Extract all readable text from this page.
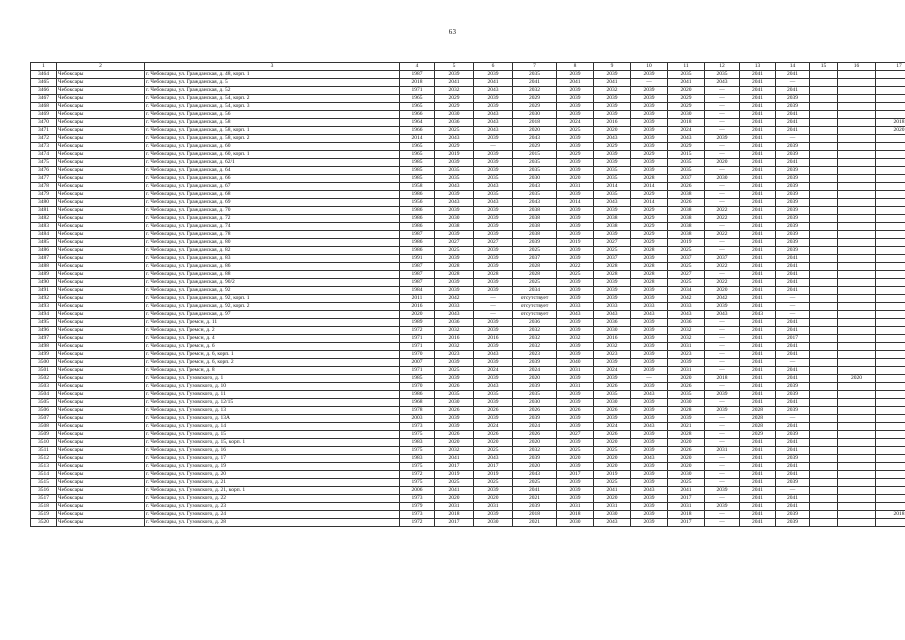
63
1	2	3	4	5	6	7	8	9	10	11	12	13	14	15	16	17
3464	Чебоксары	г. Чебоксары, ул. Гражданская, д. 48, корп. 1	1987	2039	2039	2035	2039	2039	2039	2035	2035	2041	2041			
3465	Чебоксары	г. Чебоксары, ул. Гражданская, д. 5	2018	2041	2041	2041	2041	2041	—	2041	2043	2041	—			
3466	Чебоксары	г. Чебоксары, ул. Гражданская, д. 52	1971	2032	2043	2032	2039	2032	2039	2020	—	2041	2041			
3467	Чебоксары	г. Чебоксары, ул. Гражданская, д. 54, корп. 2	1965	2029	2039	2029	2039	2039	2039	2029	—	2041	2039			
3468	Чебоксары	г. Чебоксары, ул. Гражданская, д. 54, корп. 3	1965	2029	2039	2029	2039	2039	2039	2029	—	2041	2039			
3469	Чебоксары	г. Чебоксары, ул. Гражданская, д. 56	1966	2030	2043	2030	2039	2039	2039	2030	—	2041	2041			
3470	Чебоксары	г. Чебоксары, ул. Гражданская, д. 58	1964	2036	2043	2018	2024	2016	2039	2018	—	2041	2041			2018
3471	Чебоксары	г. Чебоксары, ул. Гражданская, д. 58, корп. 1	1966	2025	2043	2020	2025	2020	2039	2024	—	2041	2041			2020
3472	Чебоксары	г. Чебоксары, ул. Гражданская, д. 58, корп. 2	2014	2043	2039	2043	2039	2043	2039	2043	2039	2041	—			
3473	Чебоксары	г. Чебоксары, ул. Гражданская, д. 60	1965	2029	—	2029	2039	2029	2039	2029	—	2041	2039			
3474	Чебоксары	г. Чебоксары, ул. Гражданская, д. 60, корп. 1	1965	2019	2039	2015	2029	2039	2029	2015	—	2041	2039			
3475	Чебоксары	г. Чебоксары, ул. Гражданская, д. 62/1	1985	2039	2039	2035	2039	2039	2039	2035	2020	2041	2041			
3476	Чебоксары	г. Чебоксары, ул. Гражданская, д. 64	1985	2035	2039	2035	2039	2035	2039	2035	—	2041	2039			
3477	Чебоксары	г. Чебоксары, ул. Гражданская, д. 66	1985	2035	2035	2030	2020	2035	2028	2037	2030	2041	2039			
3478	Чебоксары	г. Чебоксары, ул. Гражданская, д. 67	1958	2043	2043	2043	2031	2014	2014	2026	—	2041	2039			
3479	Чебоксары	г. Чебоксары, ул. Гражданская, д. 68	1986	2039	2035	2035	2039	2035	2029	2038	—	2041	2039			
3480	Чебоксары	г. Чебоксары, ул. Гражданская, д. 69	1956	2043	2043	2043	2014	2043	2014	2026	—	2041	2039			
3481	Чебоксары	г. Чебоксары, ул. Гражданская, д. 70	1986	2039	2039	2038	2039	2039	2029	2038	2022	2041	2039			
3482	Чебоксары	г. Чебоксары, ул. Гражданская, д. 72	1986	2030	2039	2038	2039	2038	2029	2038	2022	2041	2039			
3483	Чебоксары	г. Чебоксары, ул. Гражданская, д. 74	1986	2038	2039	2038	2039	2038	2029	2038	—	2041	2039			
3484	Чебоксары	г. Чебоксары, ул. Гражданская, д. 78	1987	2039	2039	2038	2039	2039	2029	2038	2022	2041	2039			
3485	Чебоксары	г. Чебоксары, ул. Гражданская, д. 80	1986	2027	2027	2039	2019	2027	2029	2019	—	2041	2039			
3486	Чебоксары	г. Чебоксары, ул. Гражданская, д. 82	1986	2025	2039	2025	2039	2025	2028	2025	—	2041	2039			
3487	Чебоксары	г. Чебоксары, ул. Гражданская, д. 83	1991	2039	2039	2037	2039	2037	2039	2037	2037	2041	2041			
3488	Чебоксары	г. Чебоксары, ул. Гражданская, д. 86	1987	2028	2039	2028	2022	2028	2028	2025	2022	2041	2041			
3489	Чебоксары	г. Чебоксары, ул. Гражданская, д. 88	1987	2028	2028	2028	2025	2028	2028	2027	—	2041	2041			
3490	Чебоксары	г. Чебоксары, ул. Гражданская, д. 90/2	1987	2039	2039	2025	2039	2039	2028	2025	2022	2041	2041			
3491	Чебоксары	г. Чебоксары, ул. Гражданская, д. 92	1984	2039	2039	2034	2039	2039	2039	2034	2020	2041	2041			
3492	Чебоксары	г. Чебоксары, ул. Гражданская, д. 92, корп. 1	2011	2042	—	отсутствует	2039	2039	2039	2042	2042	2041	—			
3493	Чебоксары	г. Чебоксары, ул. Гражданская, д. 92, корп. 2	2016	2033	—	отсутствует	2033	2033	2033	2033	2039	2041	—			
3494	Чебоксары	г. Чебоксары, ул. Гражданская, д. 97	2020	2043	—	отсутствует	2043	2043	2043	2043	2043	2043	—			
3495	Чебоксары	г. Чебоксары, ул. Гремсн, д. 11	1989	2036	2039	2036	2039	2036	2039	2036	—	2041	2041			
3496	Чебоксары	г. Чебоксары, ул. Гремсн, д. 2	1972	2032	2039	2032	2039	2030	2039	2032	—	2041	2041			
3497	Чебоксары	г. Чебоксары, ул. Гремсн, д. 4	1971	2016	2016	2032	2032	2016	2039	2032	—	2041	2017			
3498	Чебоксары	г. Чебоксары, ул. Гремсн, д. 6	1971	2032	2039	2032	2039	2032	2039	2031	—	2041	2041			
3499	Чебоксары	г. Чебоксары, ул. Гремсн, д. 6, корп. 1	1970	2023	2043	2023	2039	2023	2039	2023	—	2041	2041			
3500	Чебоксары	г. Чебоксары, ул. Гремсн, д. 6, корп. 2	2007	2039	2039	2039	2040	2039	2039	2039	—	2041	—			
3501	Чебоксары	г. Чебоксары, ул. Гремсн, д. 8	1971	2025	2024	2024	2031	2024	2039	2031	—	2041	2041			
3502	Чебоксары	г. Чебоксары, ул. Гузовского, д. 1	1985	2039	2039	2020	2039	2039	—	2020	2018	2041	2041		2020	
3503	Чебоксары	г. Чебоксары, ул. Гузовского, д. 10	1970	2026	2043	2039	2031	2026	2039	2026	—	2041	2039			
3504	Чебоксары	г. Чебоксары, ул. Гузовского, д. 11	1986	2035	2035	2035	2039	2035	2043	2035	2039	2041	2039			
3505	Чебоксары	г. Чебоксары, ул. Гузовского, д. 12/15	1968	2030	2039	2030	2039	2030	2039	2030	—	2041	2041			
3506	Чебоксары	г. Чебоксары, ул. Гузовского, д. 13	1978	2026	2026	2026	2026	2026	2039	2028	2039	2028	2039			
3507	Чебоксары	г. Чебоксары, ул. Гузовского, д. 13А	2003	2039	2039	2039	2039	2039	2039	2039	—	2028	—			
3508	Чебоксары	г. Чебоксары, ул. Гузовского, д. 14	1973	2039	2024	2024	2039	2024	2043	2021	—	2028	2041			
3509	Чебоксары	г. Чебоксары, ул. Гузовского, д. 15	1975	2026	2026	2026	2027	2026	2039	2028	—	2029	2039			
3510	Чебоксары	г. Чебоксары, ул. Гузовского, д. 15, корп. 1	1983	2020	2020	2020	2039	2020	2039	2020	—	2041	2041			
3511	Чебоксары	г. Чебоксары, ул. Гузовского, д. 16	1975	2032	2025	2032	2025	2025	2039	2026	2031	2041	2041			
3512	Чебоксары	г. Чебоксары, ул. Гузовского, д. 17	1983	2041	2043	2039	2020	2020	2043	2020	—	2041	2039			
3513	Чебоксары	г. Чебоксары, ул. Гузовского, д. 19	1975	2017	2017	2020	2039	2020	2039	2020	—	2041	2041			
3514	Чебоксары	г. Чебоксары, ул. Гузовского, д. 20	1972	2019	2019	2043	2017	2019	2039	2030	—	2041	2041			
3515	Чебоксары	г. Чебоксары, ул. Гузовского, д. 21	1975	2025	2025	2025	2039	2025	2039	2025	—	2041	2039			
3516	Чебоксары	г. Чебоксары, ул. Гузовского, д. 21, корп. 1	2006	2041	2039	2041	2039	2041	2043	2041	2039	2041	—			
3517	Чебоксары	г. Чебоксары, ул. Гузовского, д. 22	1973	2020	2020	2021	2039	2020	2039	2017	—	2041	2041			
3518	Чебоксары	г. Чебоксары, ул. Гузовского, д. 23	1979	2031	2031	2039	2031	2031	2039	2031	2039	2041	2041			
3519	Чебоксары	г. Чебоксары, ул. Гузовского, д. 24	1973	2018	2039	2018	2018	2030	2039	2018	—	2041	2039			2018
3520	Чебоксары	г. Чебоксары, ул. Гузовского, д. 28	1972	2017	2030	2021	2030	2043	2039	2017	—	2041	2039			
